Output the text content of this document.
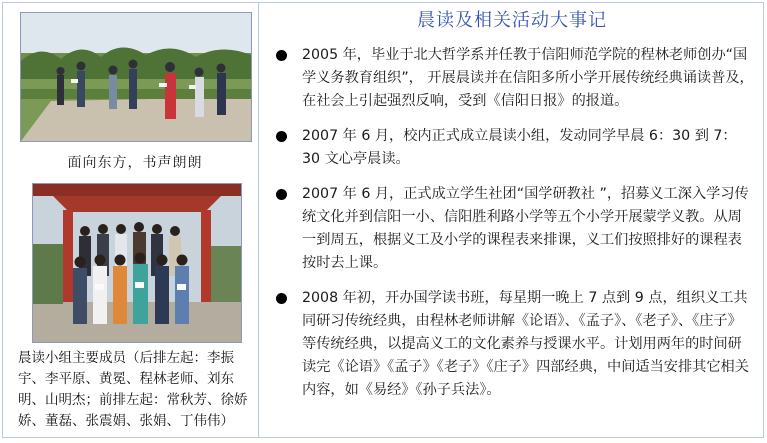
面向东方，书声朗朗
晨读小组主要成员（后排左起：李振宇、李平原、黄冕、程林老师、刘东明、山明杰；前排左起：常秋芳、徐娇娇、董磊、张震娟、张娟、丁伟伟）
晨读及相关活动大事记
2005 年，毕业于北大哲学系并任教于信阳师范学院的程林老师创办“国学义务教育组织”， 开展晨读并在信阳多所小学开展传统经典诵读普及，在社会上引起强烈反响，受到《信阳日报》的报道。
2007 年 6 月，校内正式成立晨读小组，发动同学早晨 6：30 到 7：30 文心亭晨读。
2007 年 6 月，正式成立学生社团“国学研教社 ”，招募义工深入学习传统文化并到信阳一小、信阳胜利路小学等五个小学开展蒙学义教。从周一到周五，根据义工及小学的课程表来排课，义工们按照排好的课程表按时去上课。
2008 年初，开办国学读书班，每星期一晚上 7 点到 9 点，组织义工共同研习传统经典，由程林老师讲解《论语》、《孟子》、《老子》、《庄子》等传统经典，以提高义工的文化素养与授课水平。计划用两年的时间研读完《论语》《孟子》《老子》《庄子》四部经典，中间适当安排其它相关内容，如《易经》《孙子兵法》。
